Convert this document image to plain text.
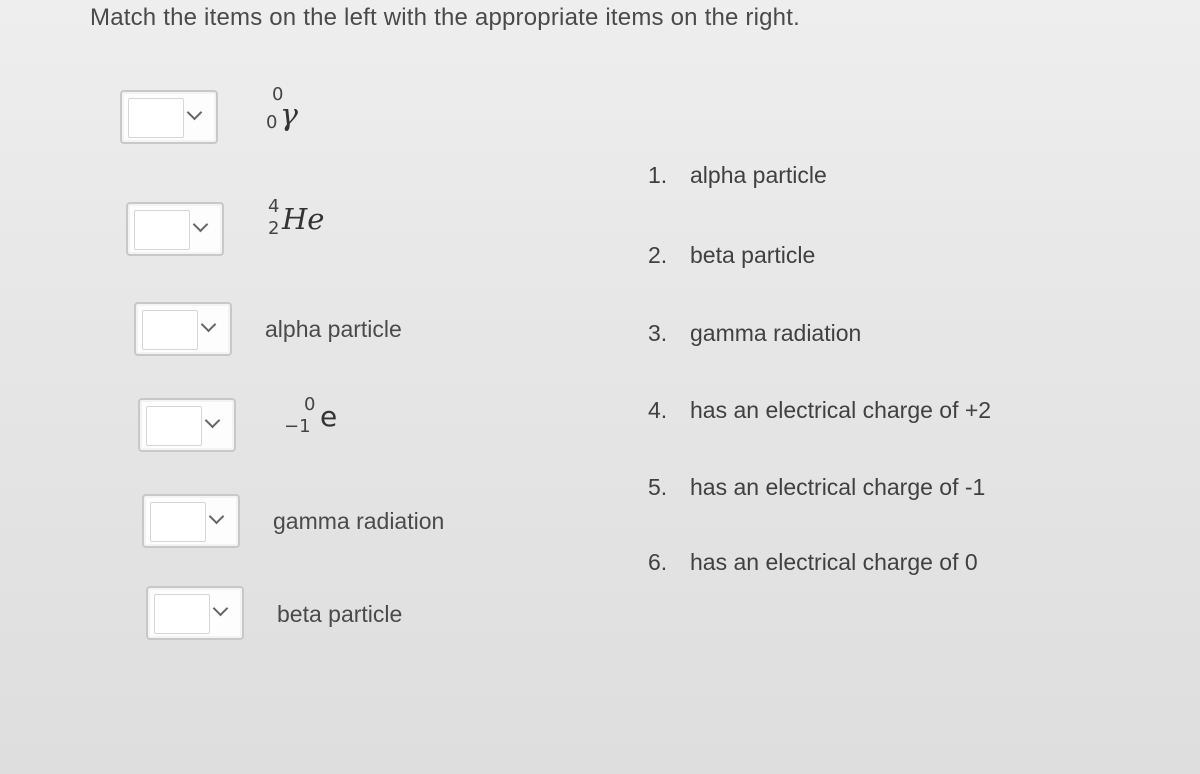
Match the items on the left with the appropriate items on the right.
0
0 γ
4
2 He
alpha particle
0
−1 e
gamma radiation
beta particle
1. alpha particle
2. beta particle
3. gamma radiation
4. has an electrical charge of +2
5. has an electrical charge of -1
6. has an electrical charge of 0
